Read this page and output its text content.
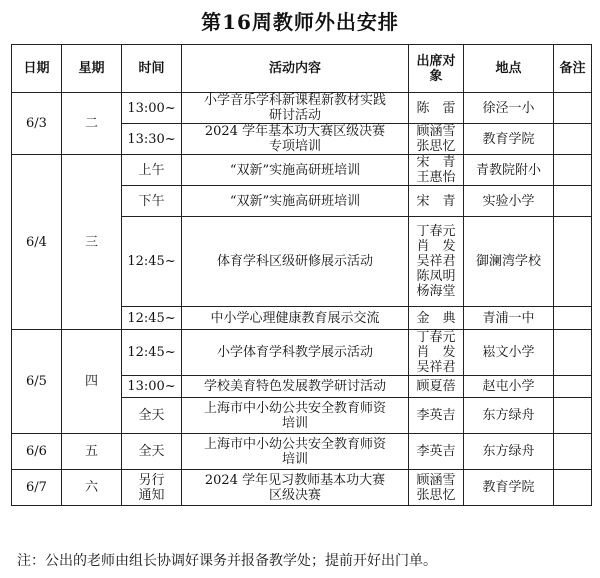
第16周教师外出安排
日期	星期	时间	活动内容	出席对象	地点	备注
6/3	二	13:00~	小学音乐学科新课程新教材实践
研讨活动	陈　雷	徐泾一小	

		13:30~	2024 学年基本功大赛区级决赛
专项培训	顾涵雪
张思忆	教育学院	
6/4	三	上午	“双新”实施高研班培训	宋　青
王惠怡	青教院附小	

		下午	“双新”实施高研班培训	宋　青	实验小学	

		12:45~	体育学科区级研修展示活动	丁春元
肖　发
吴祥君
陈凤明
杨海堂	御澜湾学校	

		12:45~	中小学心理健康教育展示交流	金　典	青浦一中	
6/5	四	12:45~	小学体育学科教学展示活动	丁春元
肖　发
吴祥君	崧文小学	

		13:00~	学校美育特色发展教学研讨活动	顾夏蓓	赵屯小学	

		全天	上海市中小幼公共安全教育师资
培训	李英吉	东方绿舟	
6/6	五	全天	上海市中小幼公共安全教育师资
培训	李英吉	东方绿舟	
6/7	六	另行
通知	2024 学年见习教师基本功大赛
区级决赛	顾涵雪
张思忆	教育学院	
注：公出的老师由组长协调好课务并报备教学处；提前开好出门单。
